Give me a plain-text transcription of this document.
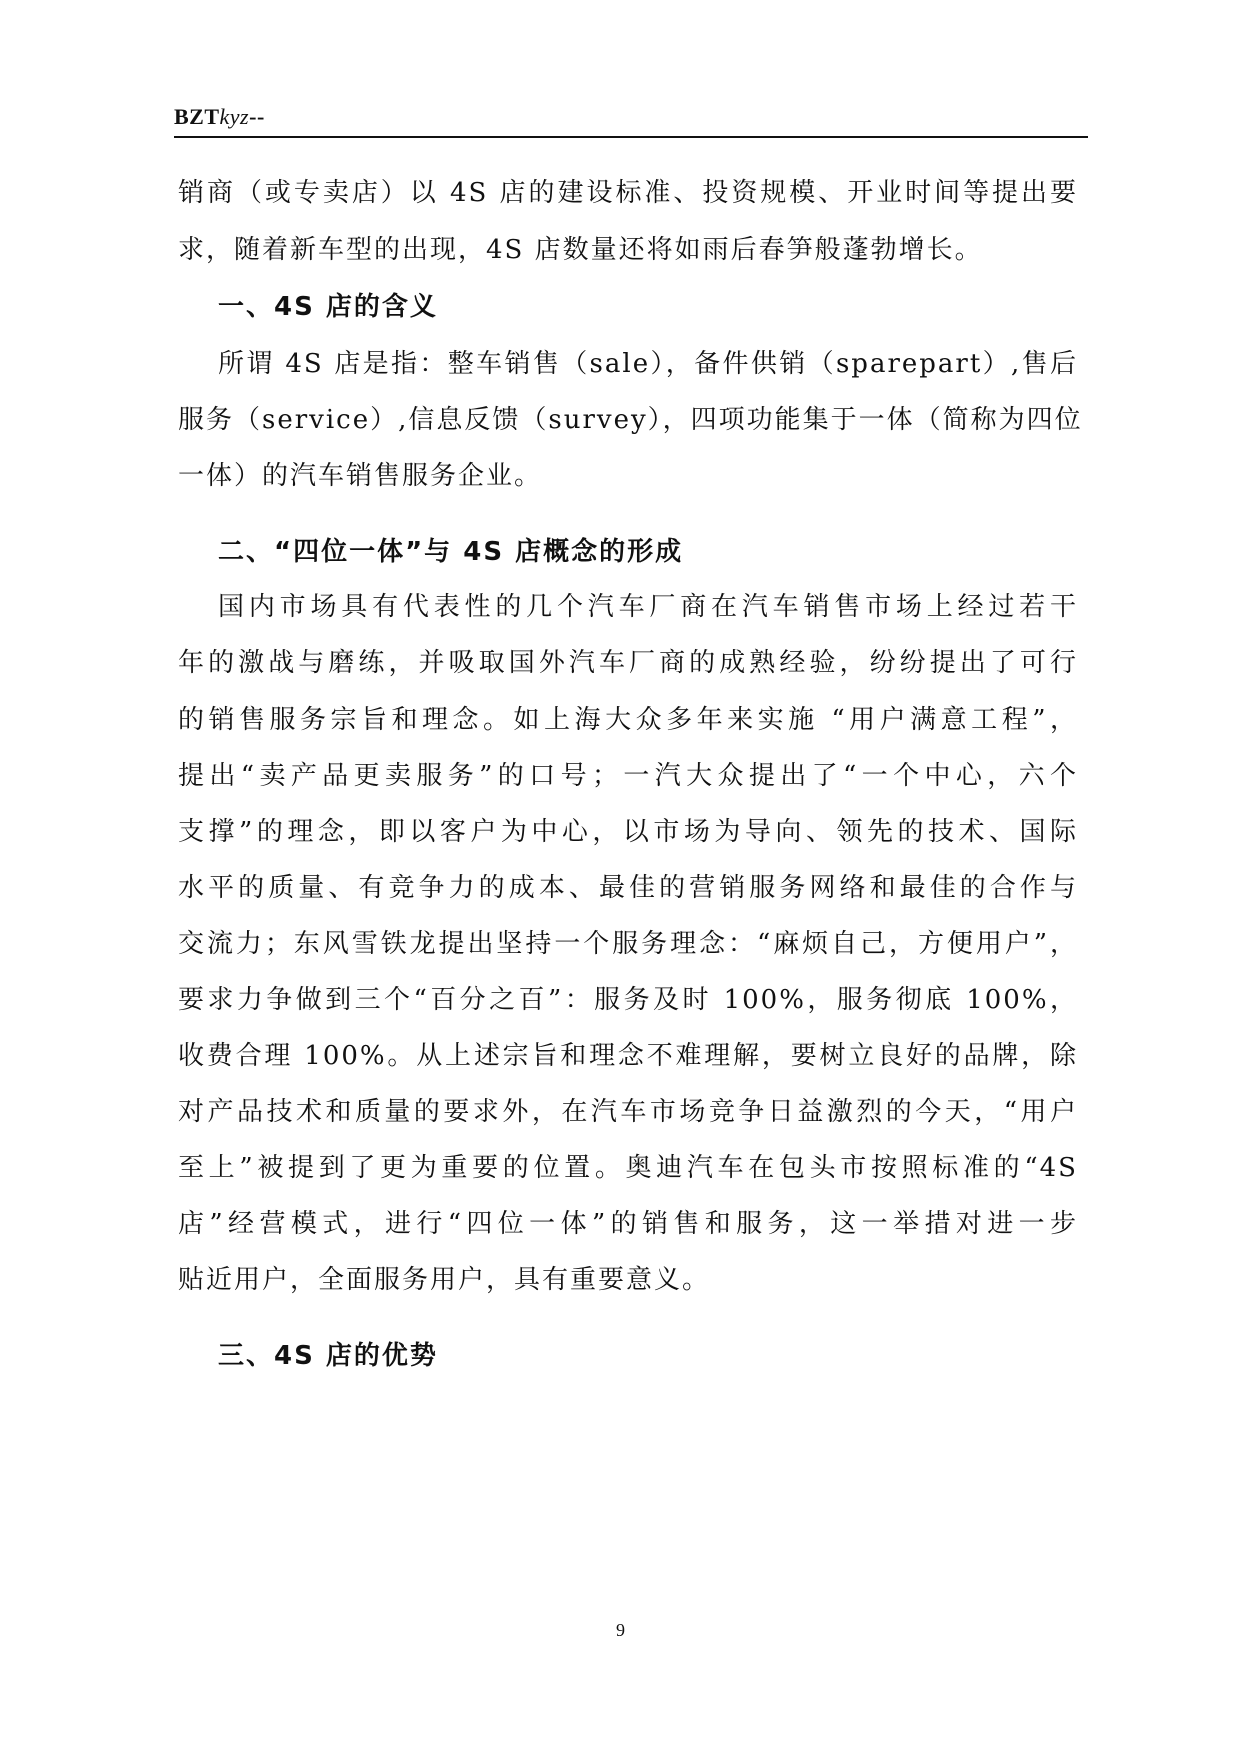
BZTkyz--
销商（或专卖店）以 4S 店的建设标准、投资规模、开业时间等提出要
求，随着新车型的出现，4S 店数量还将如雨后春笋般蓬勃增长。
一、4S 店的含义
所谓 4S 店是指：整车销售（sale），备件供销（sparepart）,售后
服务（service）,信息反馈（survey），四项功能集于一体（简称为四位
一体）的汽车销售服务企业。
二、“四位一体”与 4S 店概念的形成
国内市场具有代表性的几个汽车厂商在汽车销售市场上经过若干
年的激战与磨练，并吸取国外汽车厂商的成熟经验，纷纷提出了可行
的销售服务宗旨和理念。如上海大众多年来实施 “用户满意工程”，
提出“卖产品更卖服务”的口号；一汽大众提出了“一个中心，六个
支撑”的理念，即以客户为中心，以市场为导向、领先的技术、国际
水平的质量、有竞争力的成本、最佳的营销服务网络和最佳的合作与
交流力；东风雪铁龙提出坚持一个服务理念：“麻烦自己，方便用户”，
要求力争做到三个“百分之百”：服务及时 100%，服务彻底 100%，
收费合理 100%。从上述宗旨和理念不难理解，要树立良好的品牌，除
对产品技术和质量的要求外，在汽车市场竞争日益激烈的今天，“用户
至上”被提到了更为重要的位置。奥迪汽车在包头市按照标准的“4S
店”经营模式，进行“四位一体”的销售和服务，这一举措对进一步
贴近用户，全面服务用户，具有重要意义。
三、4S 店的优势
9
